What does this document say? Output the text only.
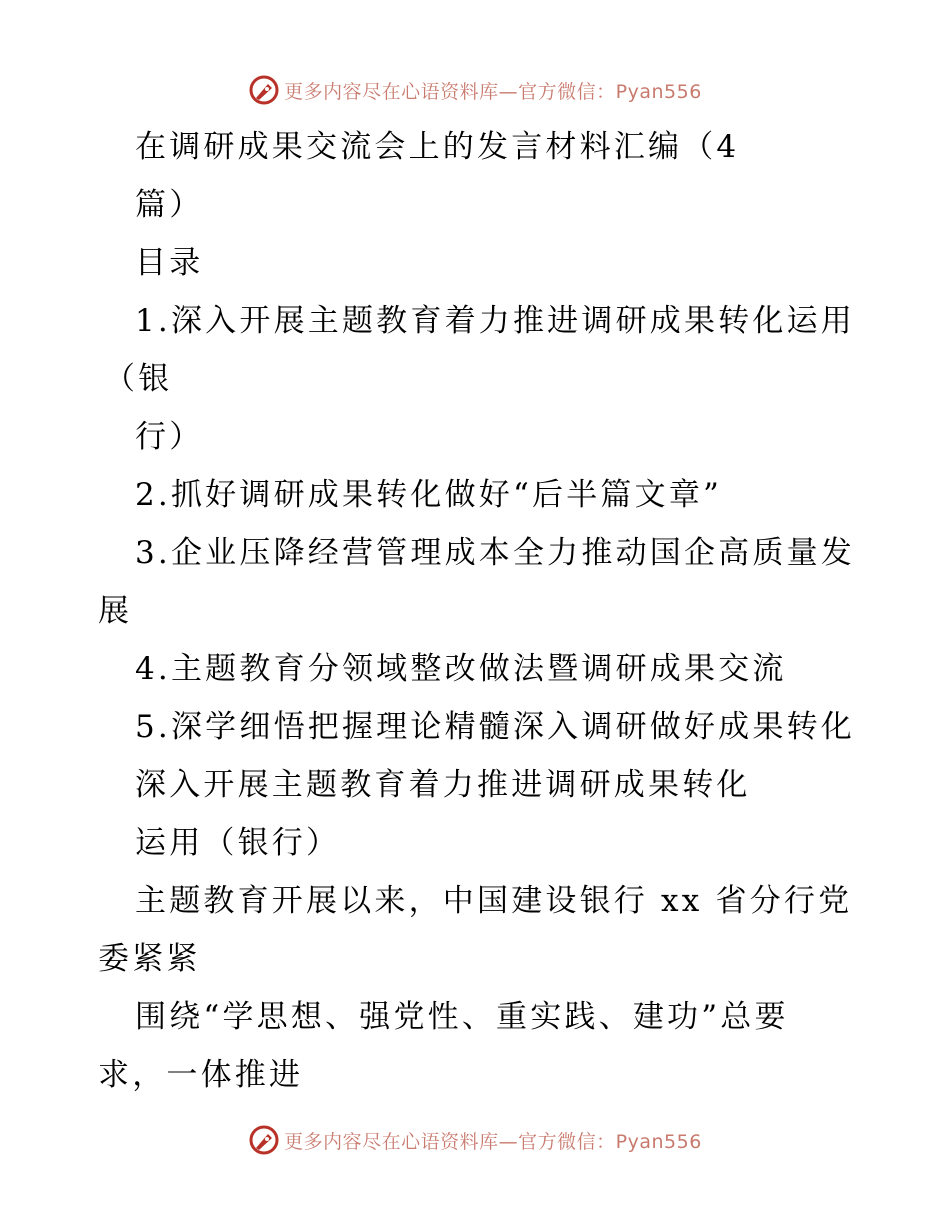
更多内容尽在心语资料库—官方微信：Pyan556
在调研成果交流会上的发言材料汇编（4
篇）
目录
1.深入开展主题教育着力推进调研成果转化运用
（银
行）
2.抓好调研成果转化做好“后半篇文章”
3.企业压降经营管理成本全力推动国企高质量发
展
4.主题教育分领域整改做法暨调研成果交流
5.深学细悟把握理论精髓深入调研做好成果转化
深入开展主题教育着力推进调研成果转化
运用（银行）
主题教育开展以来，中国建设银行 xx 省分行党
委紧紧
围绕“学思想、强党性、重实践、建功”总要
求，一体推进
更多内容尽在心语资料库—官方微信：Pyan556
